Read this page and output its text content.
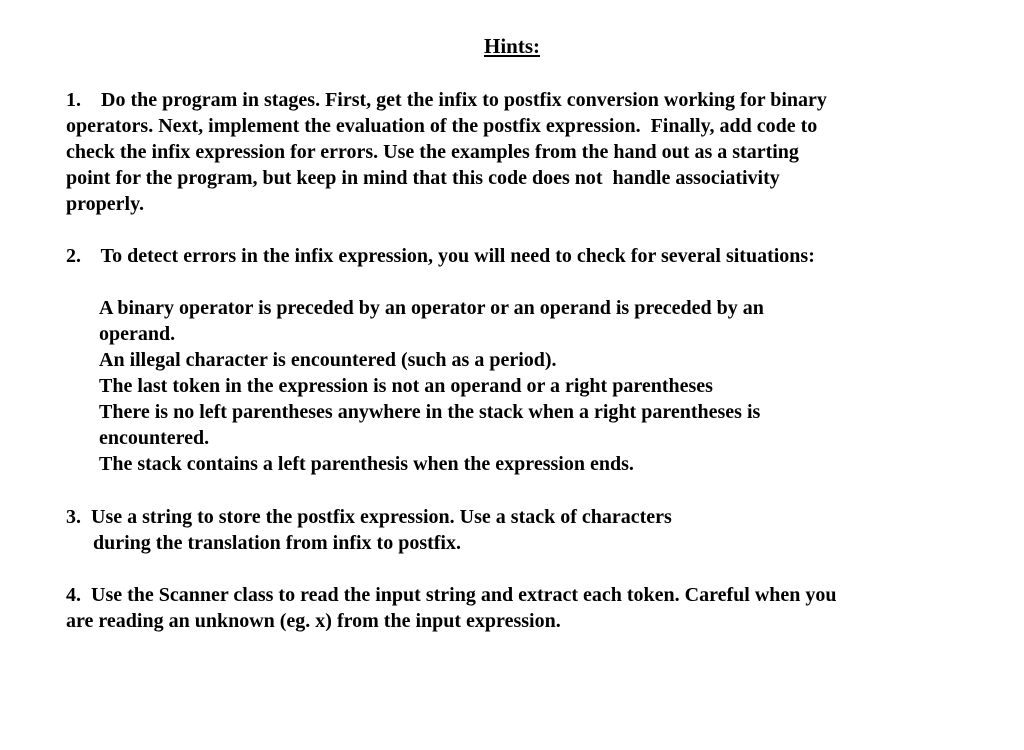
Hints:
1.    Do the program in stages. First, get the infix to postfix conversion working for binary
operators. Next, implement the evaluation of the postfix expression.  Finally, add code to
check the infix expression for errors. Use the examples from the hand out as a starting
point for the program, but keep in mind that this code does not  handle associativity
properly.
2.    To detect errors in the infix expression, you will need to check for several situations:
A binary operator is preceded by an operator or an operand is preceded by an
operand.
An illegal character is encountered (such as a period).
The last token in the expression is not an operand or a right parentheses
There is no left parentheses anywhere in the stack when a right parentheses is
encountered.
The stack contains a left parenthesis when the expression ends.
3.  Use a string to store the postfix expression. Use a stack of characters
during the translation from infix to postfix.
4.  Use the Scanner class to read the input string and extract each token. Careful when you
are reading an unknown (eg. x) from the input expression.
